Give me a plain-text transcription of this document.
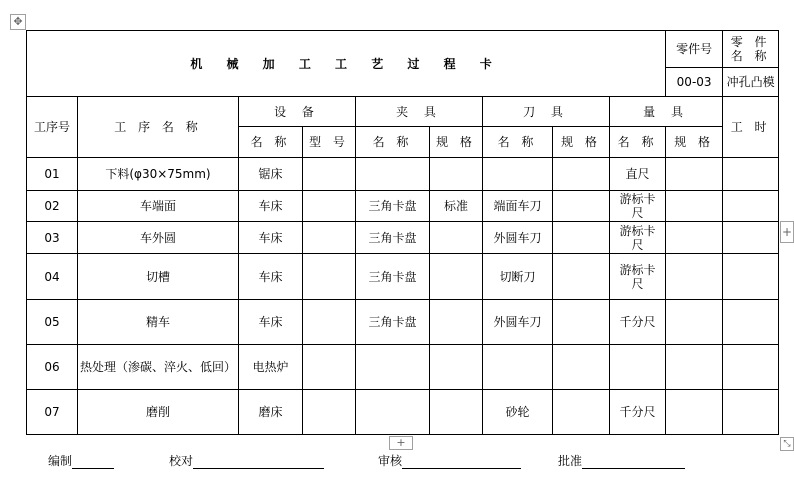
✥
机 械 加 工 工 艺 过 程 卡									零件号	零 件 名 称
									00-03	冲孔凸模
工序号	工 序 名 称	设 备		夹 具		刀 具		量 具		工 时
		名 称	型 号	名 称	规 格	名 称	规 格	名 称	规 格	
01	下料(φ30×75mm)	锯床						直尺		
02	车端面	车床		三角卡盘	标准	端面车刀		游标卡尺		
03	车外圆	车床		三角卡盘		外圆车刀		游标卡尺		
04	切槽	车床		三角卡盘		切断刀		游标卡尺		
05	精车	车床		三角卡盘		外圆车刀		千分尺		
06	热处理（渗碳、淬火、低回）	电热炉								
07	磨削	磨床				砂轮		千分尺		
+
+	⤡
编制	校对	审核	批准
